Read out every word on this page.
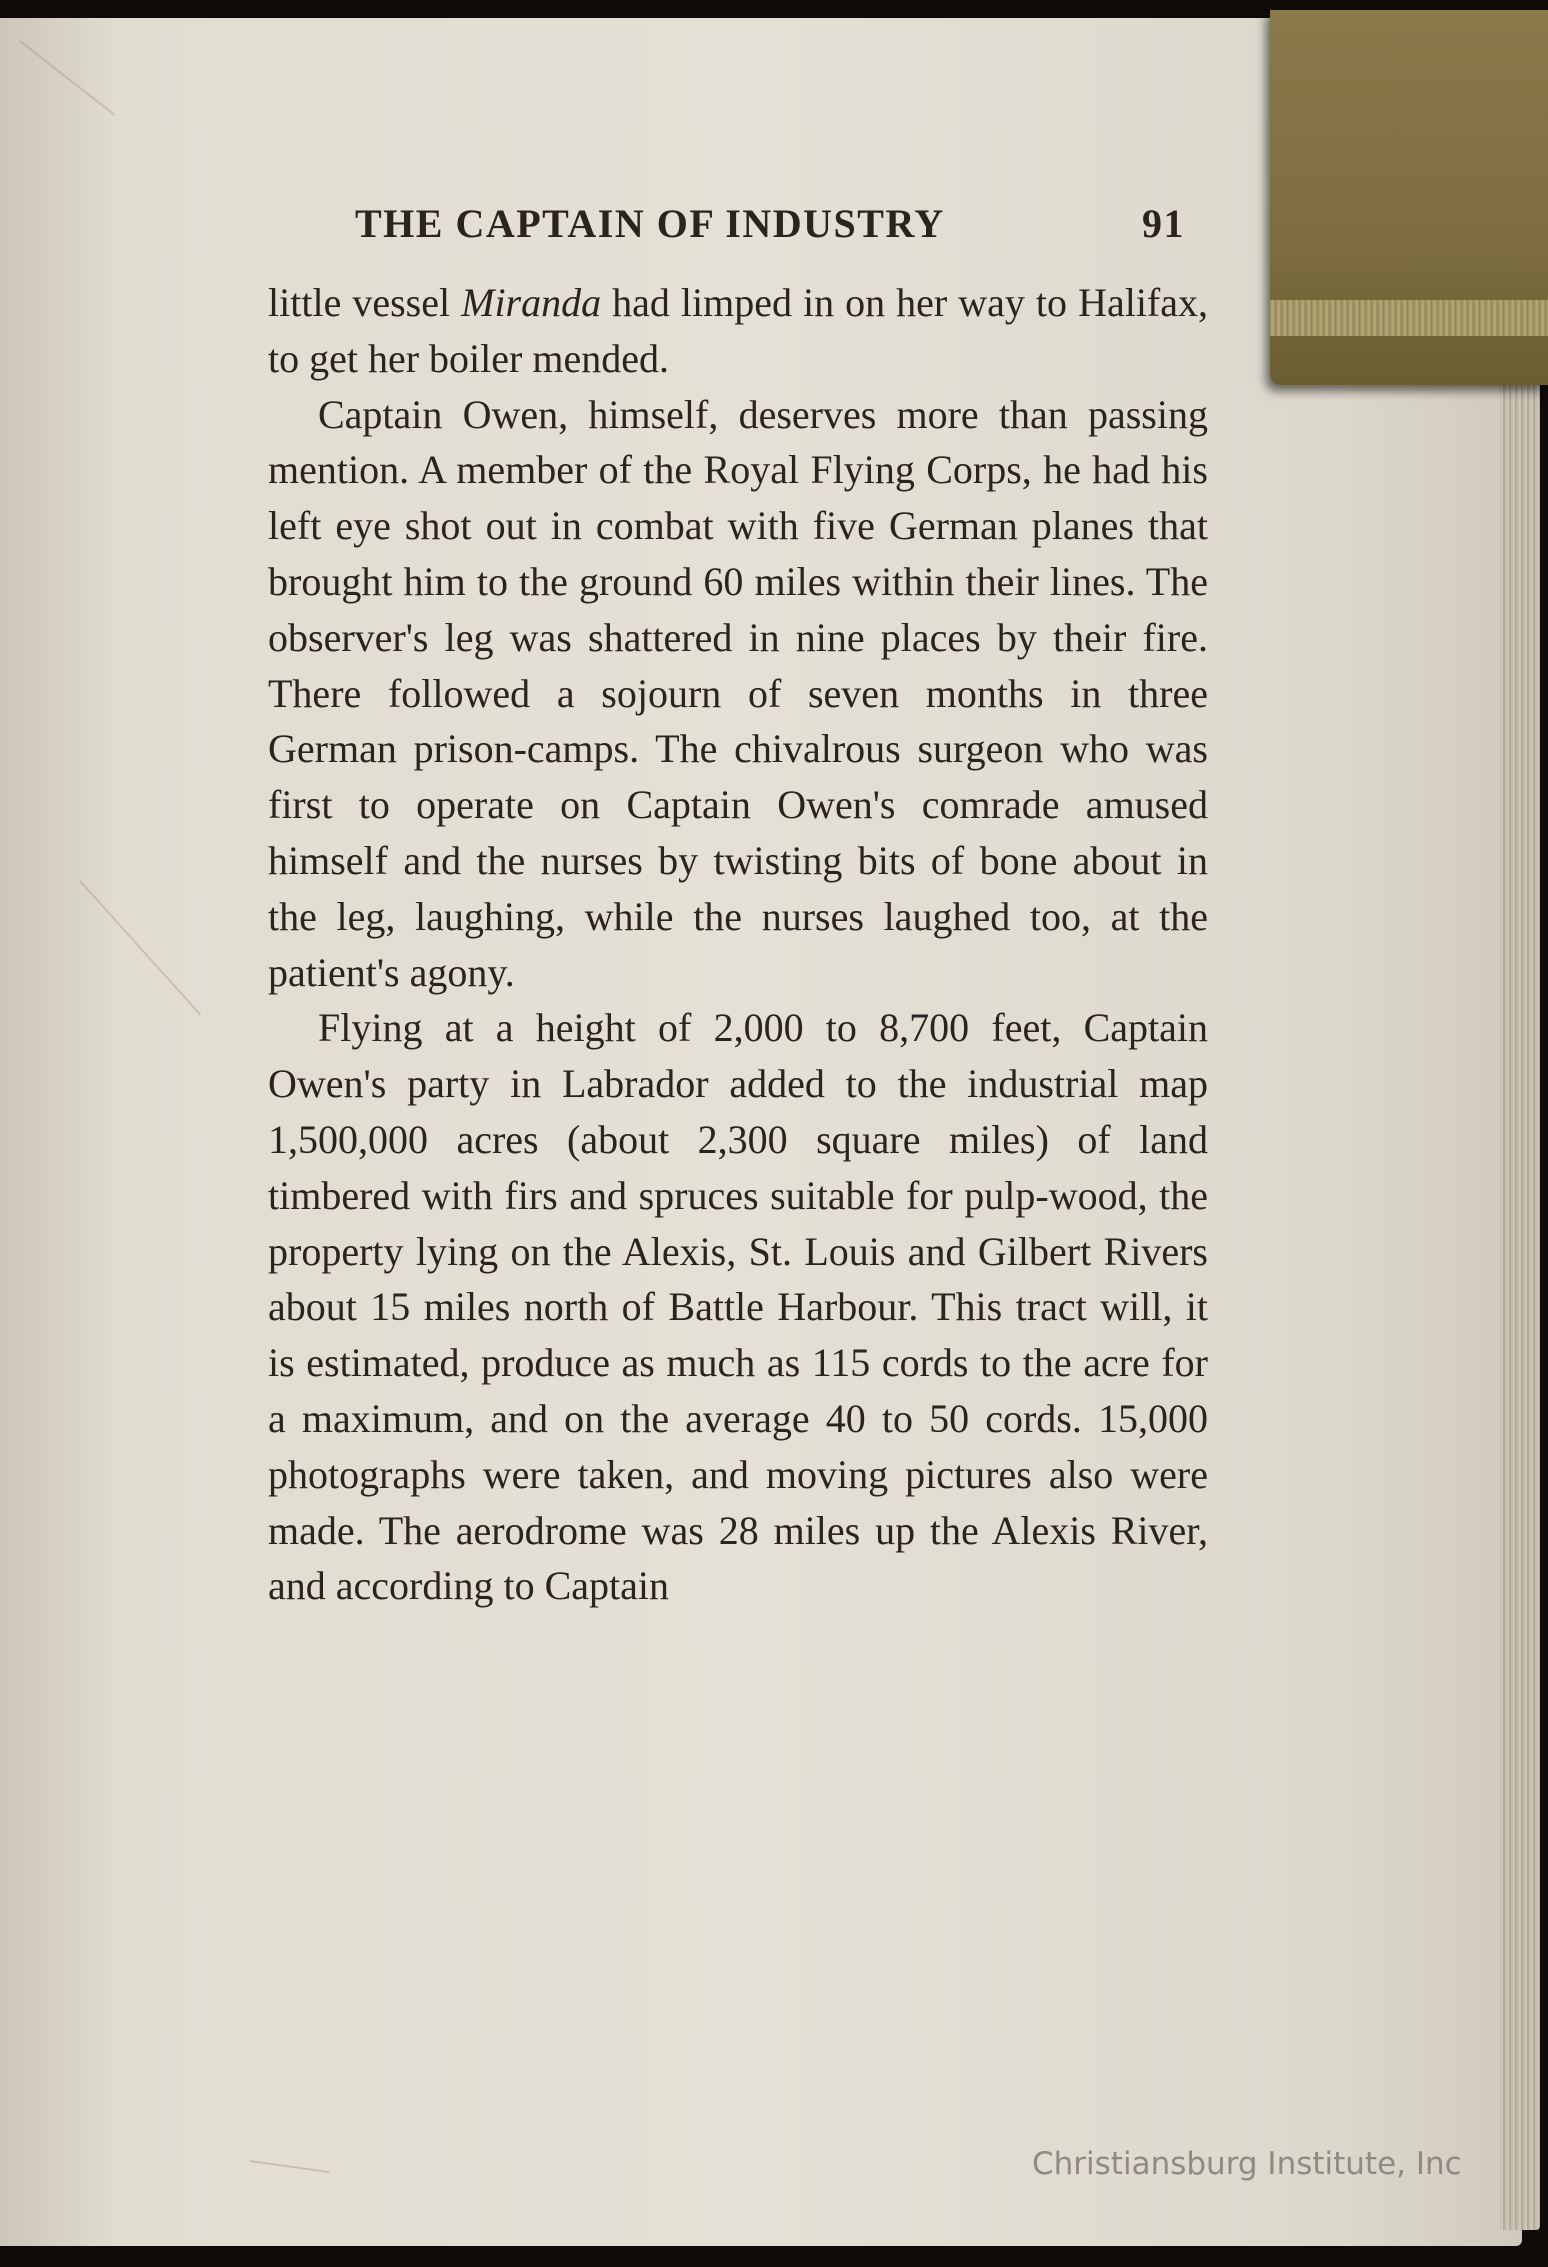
THE CAPTAIN OF INDUSTRY	91

little vessel Miranda had limped in on her way to Halifax, to get her boiler mended.

Captain Owen, himself, deserves more than passing mention. A member of the Royal Flying Corps, he had his left eye shot out in combat with five German planes that brought him to the ground 60 miles within their lines. The observer's leg was shattered in nine places by their fire. There followed a sojourn of seven months in three German prison-camps. The chivalrous surgeon who was first to operate on Captain Owen's comrade amused himself and the nurses by twisting bits of bone about in the leg, laughing, while the nurses laughed too, at the patient's agony.

Flying at a height of 2,000 to 8,700 feet, Captain Owen's party in Labrador added to the industrial map 1,500,000 acres (about 2,300 square miles) of land timbered with firs and spruces suitable for pulp-wood, the property lying on the Alexis, St. Louis and Gilbert Rivers about 15 miles north of Battle Harbour. This tract will, it is estimated, produce as much as 115 cords to the acre for a maximum, and on the average 40 to 50 cords. 15,000 photographs were taken, and moving pictures also were made. The aerodrome was 28 miles up the Alexis River, and according to Captain

Christiansburg Institute, Inc
